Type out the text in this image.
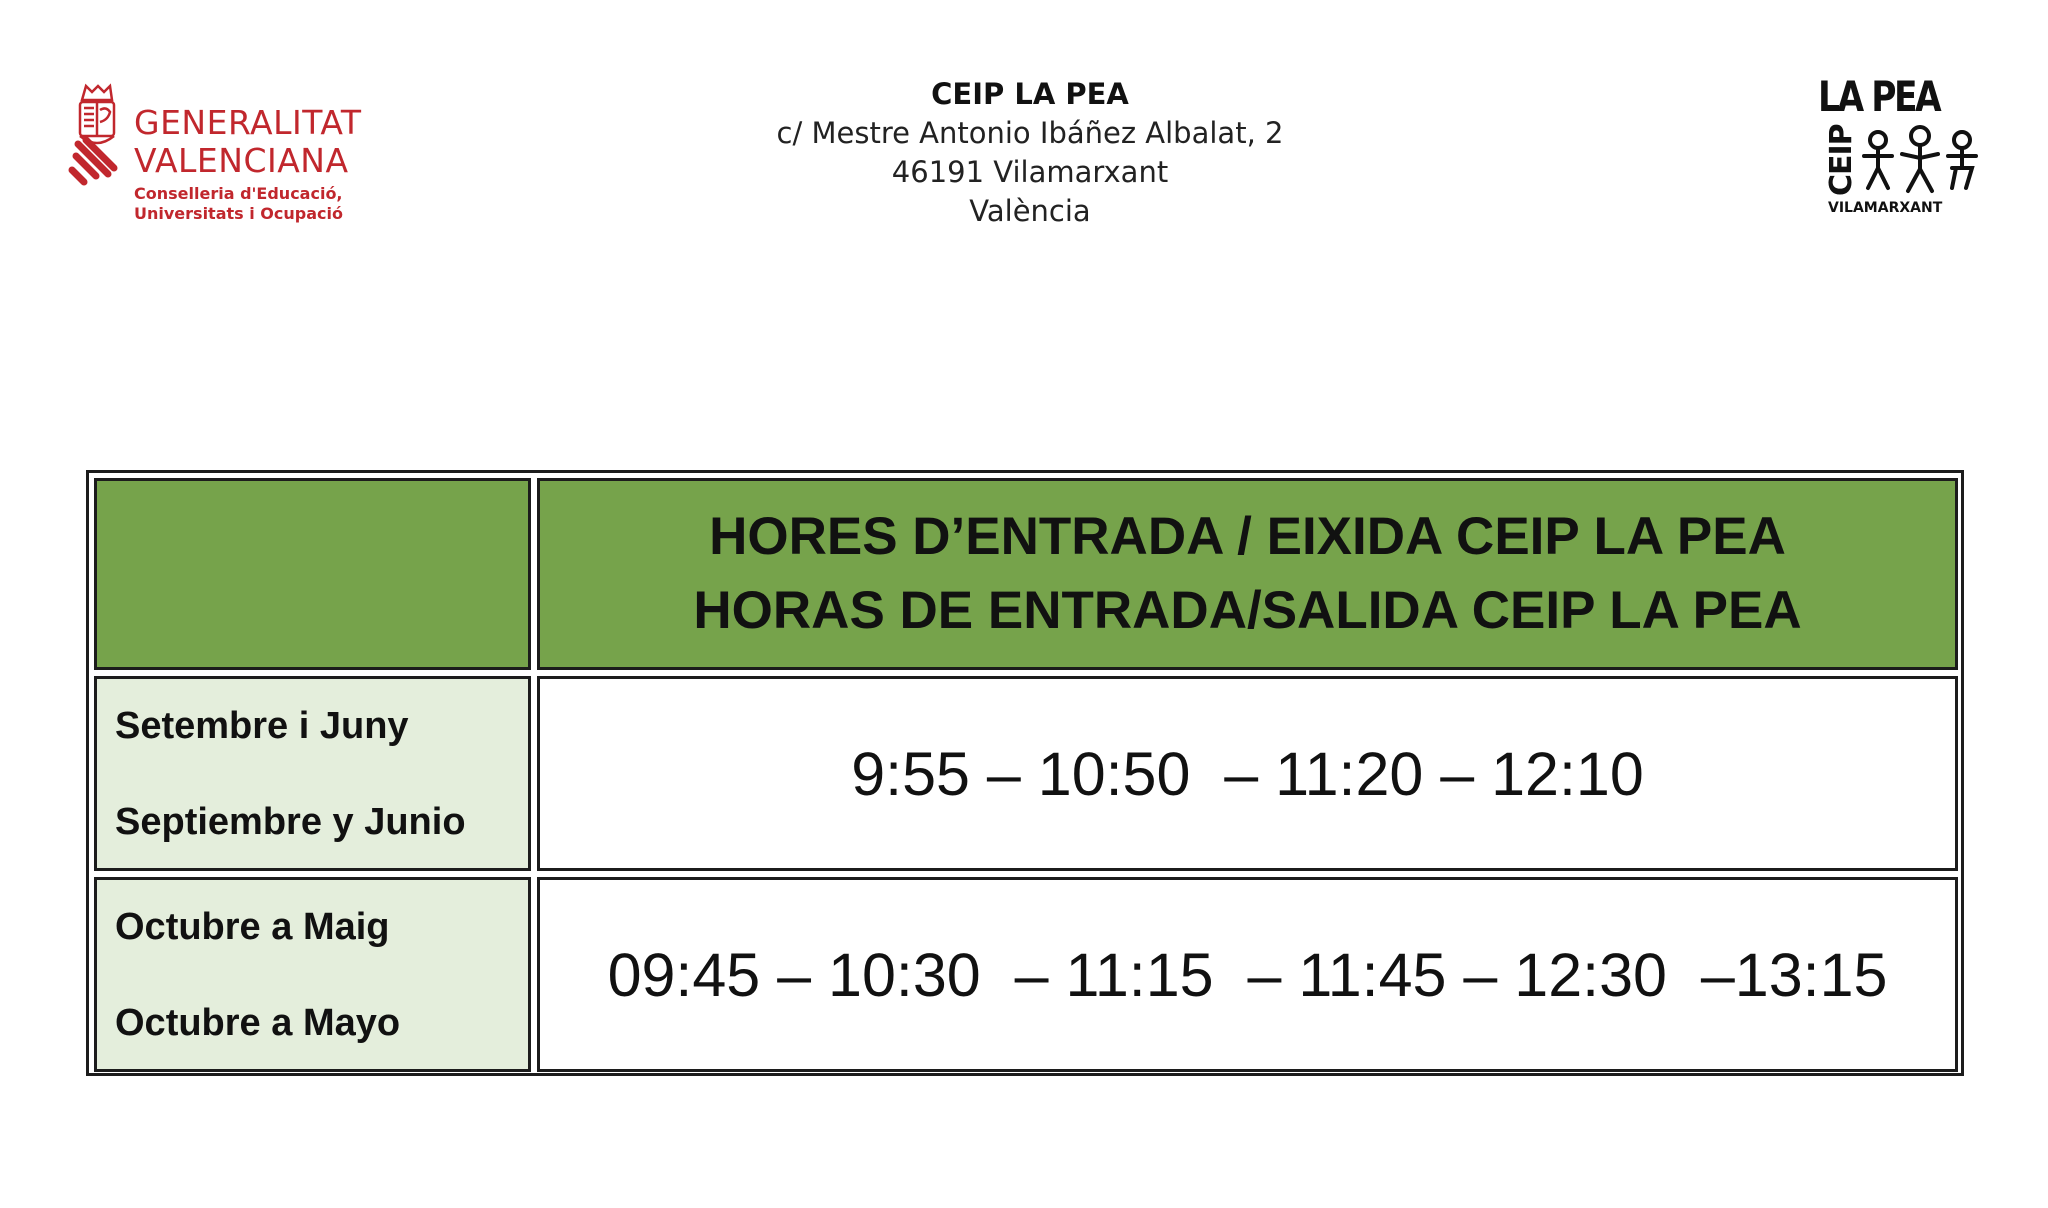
GENERALITAT
VALENCIANA

Conselleria d'Educació,
Universitats i Ocupació

CEIP LA PEA
c/ Mestre Antonio Ibáñez Albalat, 2
46191 Vilamarxant
València

LA PEA

CEIP

VILAMARXANT

HORES D’ENTRADA / EIXIDA CEIP LA PEA
HORAS DE ENTRADA/SALIDA CEIP LA PEA
Setembre i Juny
Septiembre y Junio
9:55 – 10:50  – 11:20 – 12:10
Octubre a Maig
Octubre a Mayo
09:45 – 10:30  – 11:15  – 11:45 – 12:30  –13:15
